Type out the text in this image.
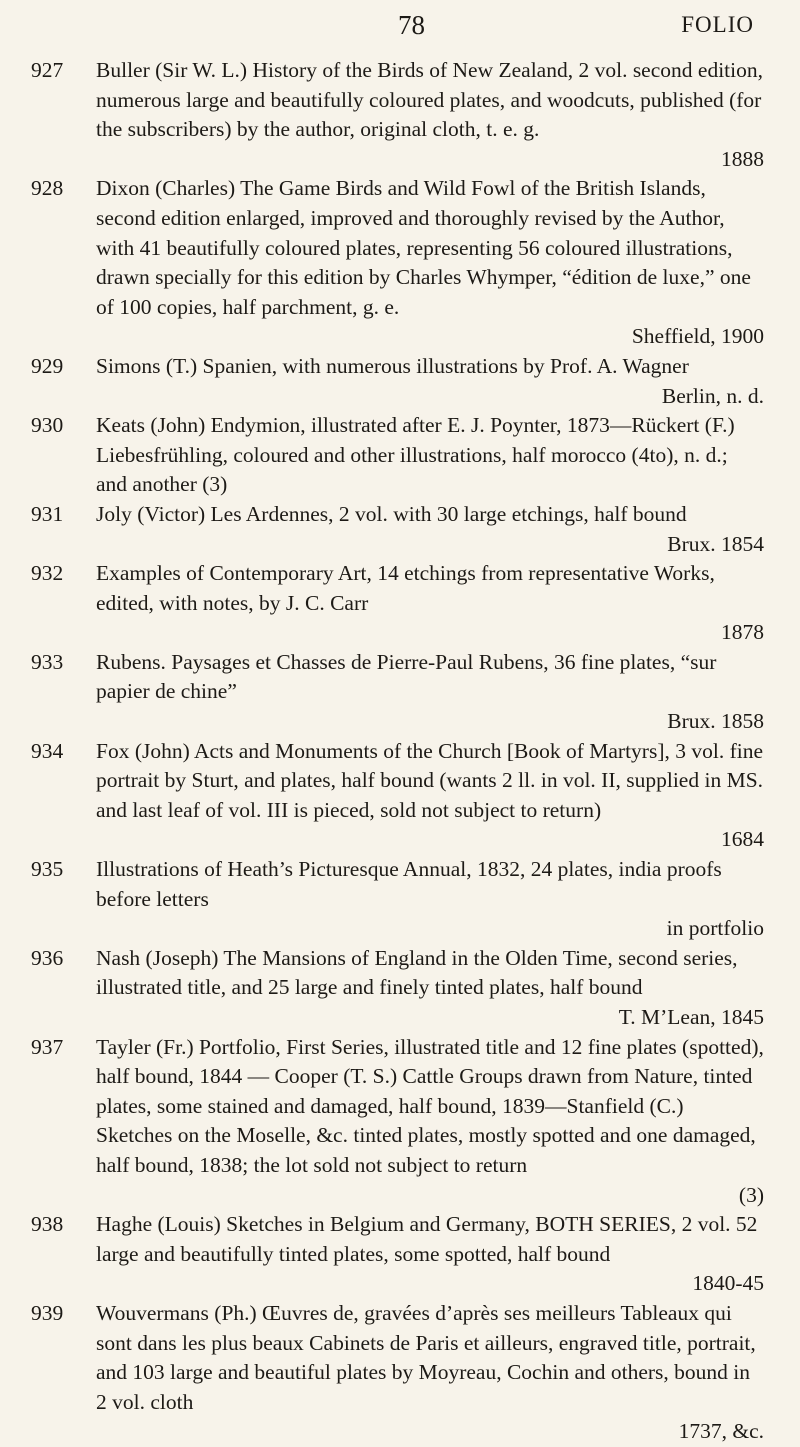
78	FOLIO
927 Buller (Sir W. L.) History of the Birds of New Zealand, 2 vol. second edition, numerous large and beautifully coloured plates, and woodcuts, published (for the subscribers) by the author, original cloth, t. e. g.
1888
928 Dixon (Charles) The Game Birds and Wild Fowl of the British Islands, second edition enlarged, improved and thoroughly revised by the Author, with 41 beautifully coloured plates, representing 56 coloured illustrations, drawn specially for this edition by Charles Whymper, “édition de luxe,” one of 100 copies, half parchment, g. e.
Sheffield, 1900
929 Simons (T.) Spanien, with numerous illustrations by Prof. A. Wagner
Berlin, n. d.
930 Keats (John) Endymion, illustrated after E. J. Poynter, 1873—Rückert (F.) Liebesfrühling, coloured and other illustrations, half morocco (4to), n. d.; and another (3)
931 Joly (Victor) Les Ardennes, 2 vol. with 30 large etchings, half bound
Brux. 1854
932 Examples of Contemporary Art, 14 etchings from representative Works, edited, with notes, by J. C. Carr
1878
933 Rubens. Paysages et Chasses de Pierre-Paul Rubens, 36 fine plates, “sur papier de chine”
Brux. 1858
934 Fox (John) Acts and Monuments of the Church [Book of Martyrs], 3 vol. fine portrait by Sturt, and plates, half bound (wants 2 ll. in vol. II, supplied in MS. and last leaf of vol. III is pieced, sold not subject to return)
1684
935 Illustrations of Heath’s Picturesque Annual, 1832, 24 plates, india proofs before letters
in portfolio
936 Nash (Joseph) The Mansions of England in the Olden Time, second series, illustrated title, and 25 large and finely tinted plates, half bound
T. M’Lean, 1845
937 Tayler (Fr.) Portfolio, First Series, illustrated title and 12 fine plates (spotted), half bound, 1844 — Cooper (T. S.) Cattle Groups drawn from Nature, tinted plates, some stained and damaged, half bound, 1839—Stanfield (C.) Sketches on the Moselle, &c. tinted plates, mostly spotted and one damaged, half bound, 1838; the lot sold not subject to return
(3)
938 Haghe (Louis) Sketches in Belgium and Germany, BOTH SERIES, 2 vol. 52 large and beautifully tinted plates, some spotted, half bound
1840-45
939 Wouvermans (Ph.) Œuvres de, gravées d’après ses meilleurs Tableaux qui sont dans les plus beaux Cabinets de Paris et ailleurs, engraved title, portrait, and 103 large and beautiful plates by Moyreau, Cochin and others, bound in 2 vol. cloth
1737, &c.
